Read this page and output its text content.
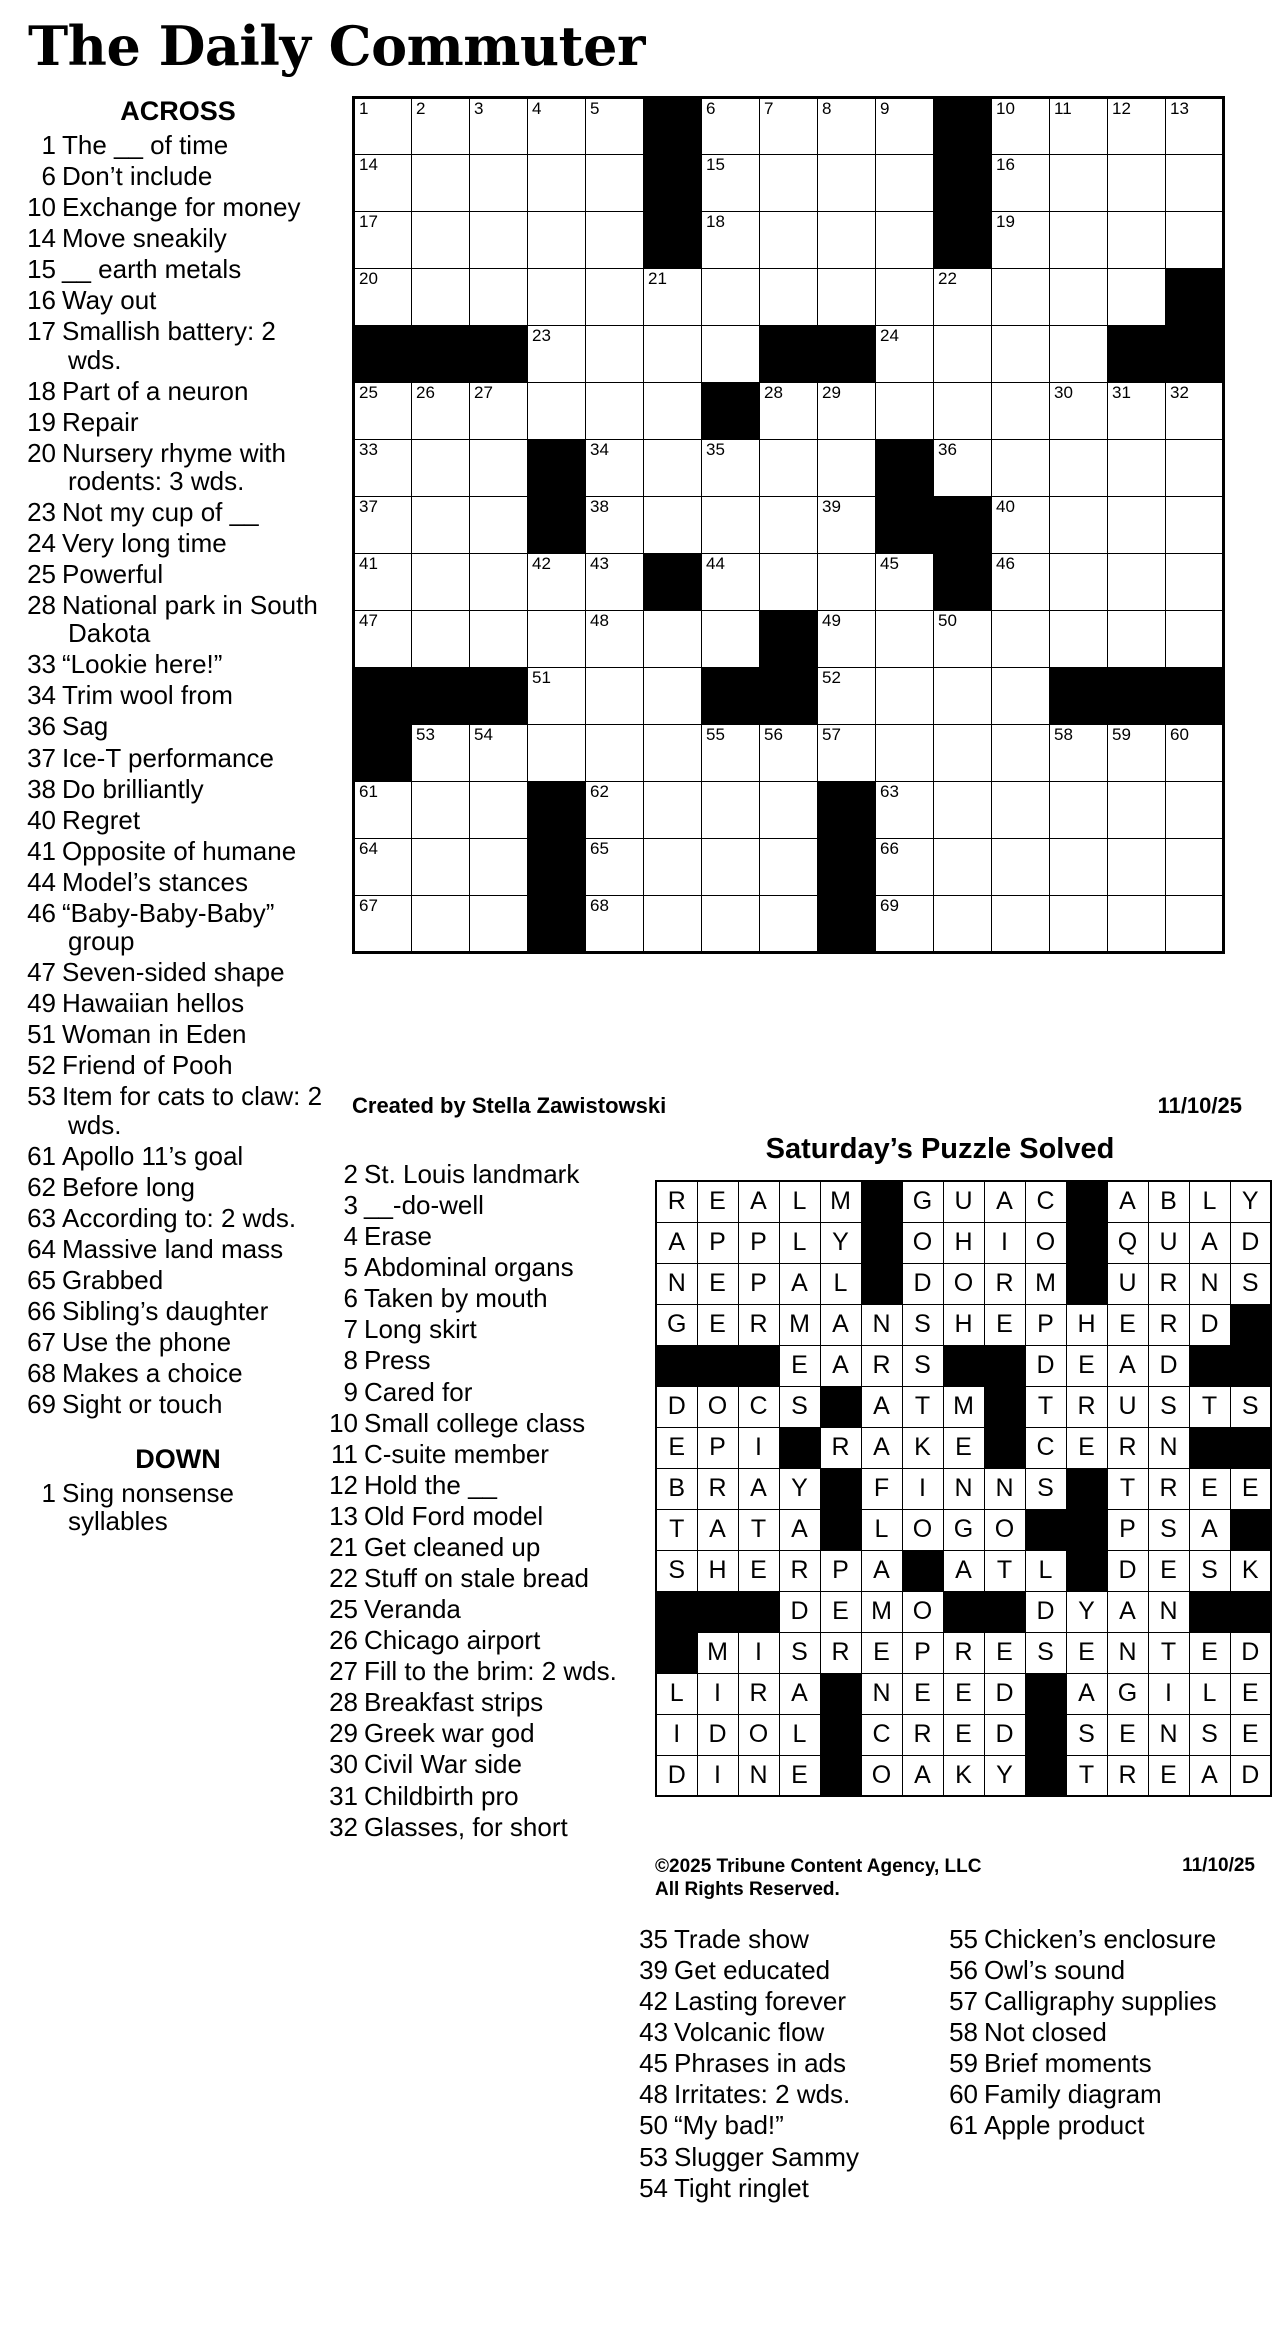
The Daily Commuter
ACROSS
1 The __ of time
6 Don’t include
10 Exchange for money
14 Move sneakily
15 __ earth metals
16 Way out
17 Smallish battery: 2 wds.
18 Part of a neuron
19 Repair
20 Nursery rhyme with rodents: 3 wds.
23 Not my cup of __
24 Very long time
25 Powerful
28 National park in South Dakota
33 “Lookie here!”
34 Trim wool from
36 Sag
37 Ice-T performance
38 Do brilliantly
40 Regret
41 Opposite of humane
44 Model’s stances
46 “Baby-Baby-Baby” group
47 Seven-sided shape
49 Hawaiian hellos
51 Woman in Eden
52 Friend of Pooh
53 Item for cats to claw: 2 wds.
61 Apollo 11’s goal
62 Before long
63 According to: 2 wds.
64 Massive land mass
65 Grabbed
66 Sibling’s daughter
67 Use the phone
68 Makes a choice
69 Sight or touch
DOWN
1 Sing nonsense syllables
2 St. Louis landmark
3 __-do-well
4 Erase
5 Abdominal organs
6 Taken by mouth
7 Long skirt
8 Press
9 Cared for
10 Small college class
11 C-suite member
12 Hold the __
13 Old Ford model
21 Get cleaned up
22 Stuff on stale bread
25 Veranda
26 Chicago airport
27 Fill to the brim: 2 wds.
28 Breakfast strips
29 Greek war god
30 Civil War side
31 Childbirth pro
32 Glasses, for short
35 Trade show
39 Get educated
42 Lasting forever
43 Volcanic flow
45 Phrases in ads
48 Irritates: 2 wds.
50 “My bad!”
53 Slugger Sammy
54 Tight ringlet
55 Chicken’s enclosure
56 Owl’s sound
57 Calligraphy supplies
58 Not closed
59 Brief moments
60 Family diagram
61 Apple product
1	2	3	4	5		6	7	8	9		10	11	12	13

14						15					16			

17						18					19			

20					21					22				

			23						24					

25	26	27					28	29				30	31	32

33				34		35				36				

37				38				39			40			

41			42	43		44			45		46			

47				48				49		50				

			51					52						

	53	54				55	56	57				58	59	60

61				62					63					

64				65					66					

67				68					69					

Created by Stella Zawistowski	11/10/25
Saturday’s Puzzle Solved
R	E	A	L	M		G	U	A	C		A	B	L	Y
A	P	P	L	Y		O	H	I	O		Q	U	A	D
N	E	P	A	L		D	O	R	M		U	R	N	S
G	E	R	M	A	N	S	H	E	P	H	E	R	D	
			E	A	R	S			D	E	A	D		
D	O	C	S		A	T	M		T	R	U	S	T	S
E	P	I		R	A	K	E		C	E	R	N		
B	R	A	Y		F	I	N	N	S		T	R	E	E
T	A	T	A		L	O	G	O			P	S	A	
S	H	E	R	P	A		A	T	L		D	E	S	K
			D	E	M	O			D	Y	A	N		
	M	I	S	R	E	P	R	E	S	E	N	T	E	D
L	I	R	A		N	E	E	D		A	G	I	L	E
I	D	O	L		C	R	E	D		S	E	N	S	E
D	I	N	E		O	A	K	Y		T	R	E	A	D
©2025 Tribune Content Agency, LLC
All Rights Reserved.
11/10/25
